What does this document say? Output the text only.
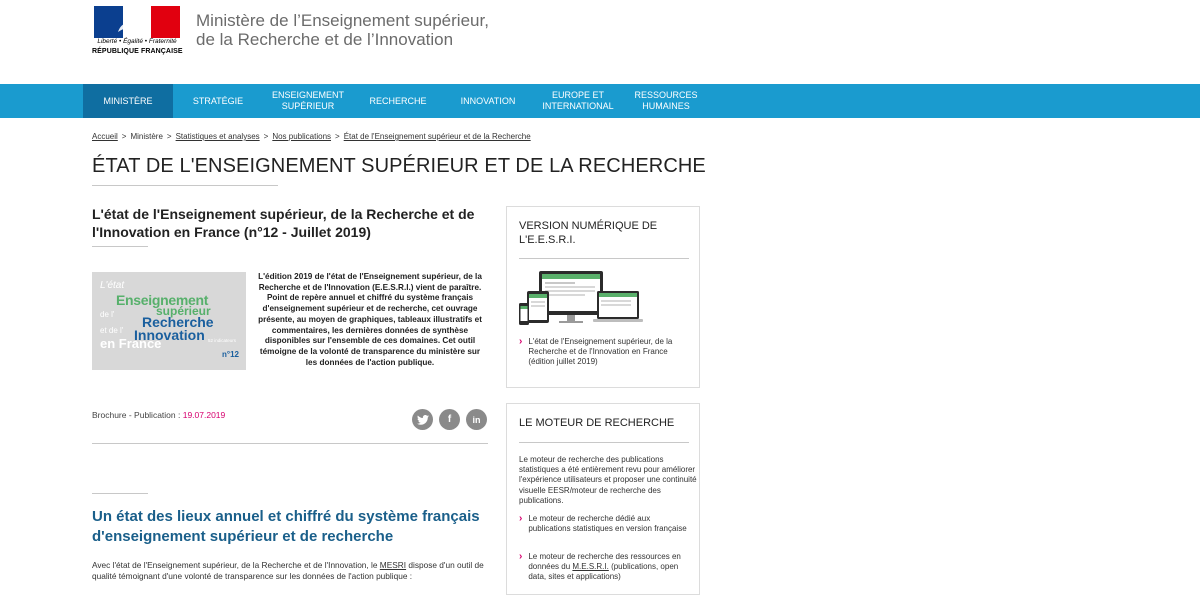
Liberté • Égalité • Fraternité
RÉPUBLIQUE FRANÇAISE
Ministère de l’Enseignement supérieur,
de la Recherche et de l’Innovation
MINISTÈRE	STRATÉGIE
ENSEIGNEMENT
SUPÉRIEUR
RECHERCHE	INNOVATION
EUROPE ET
INTERNATIONAL
RESSOURCES
HUMAINES
Accueil > Ministère > Statistiques et analyses > Nos publications > État de l'Enseignement supérieur et de la Recherche
ÉTAT DE L'ENSEIGNEMENT SUPÉRIEUR ET DE LA RECHERCHE
L'état de l'Enseignement supérieur, de la Recherche et de l'Innovation en France (n°12 - Juillet 2019)
L'état
Enseignement
supérieur
de l' Recherche
et de l' Innovation
en France	52 indicateurs
n°12

L'édition 2019 de l'état de l'Enseignement supérieur, de la Recherche et de l'Innovation (E.E.S.R.I.) vient de paraître. Point de repère annuel et chiffré du système français d'enseignement supérieur et de recherche, cet ouvrage présente, au moyen de graphiques, tableaux illustratifs et commentaires, les dernières données de synthèse disponibles sur l'ensemble de ces domaines. Cet outil témoigne de la volonté de transparence du ministère sur les données de l'action publique.

Brochure - Publication : 19.07.2019	f in
Un état des lieux annuel et chiffré du système français d'enseignement supérieur et de recherche

Avec l'état de l'Enseignement supérieur, de la Recherche et de l'Innovation, le MESRI dispose d'un outil de qualité témoignant d'une volonté de transparence sur les données de l'action publique :

VERSION NUMÉRIQUE DE L'E.E.S.R.I.
› L'état de l'Enseignement supérieur, de la Recherche et de l'Innovation en France (édition juillet 2019)
LE MOTEUR DE RECHERCHE

Le moteur de recherche des publications statistiques a été entièrement revu pour améliorer l'expérience utilisateurs et proposer une continuité visuelle EESR/moteur de recherche des publications.

› Le moteur de recherche dédié aux publications statistiques en version française
› Le moteur de recherche des ressources en données du M.E.S.R.I. (publications, open data, sites et applications)
